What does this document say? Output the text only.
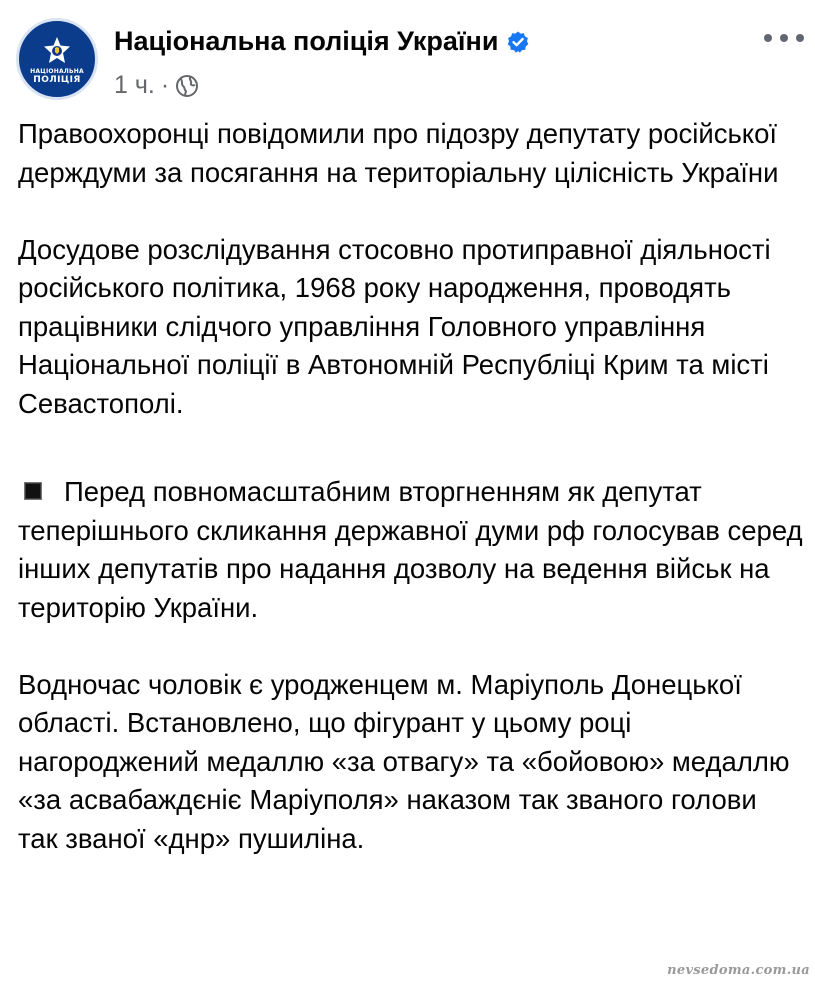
НАЦІОНАЛЬНА
ПОЛІЦІЯ
Національна поліція України
1 ч. ·

Правоохоронці повідомили про підозру депутату російської держдуми за посягання на територіальну цілісність України

Досудове розслідування стосовно протиправної діяльності російського політика, 1968 року народження, проводять працівники слідчого управління Головного управління Національної поліції в Автономній Республіці Крим та місті Севастополі.

Перед повномасштабним вторгненням як депутат теперішнього скликання державної думи рф голосував серед інших депутатів про надання дозволу на ведення військ на територію України.

Водночас чоловік є уродженцем м. Маріуполь Донецької області. Встановлено, що фігурант у цьому році нагороджений медаллю «за отвагу» та «бойовою» медаллю «за асвабаждєніє Маріуполя» наказом так званого голови так званої «днр» пушиліна.

nevsedoma.com.ua
